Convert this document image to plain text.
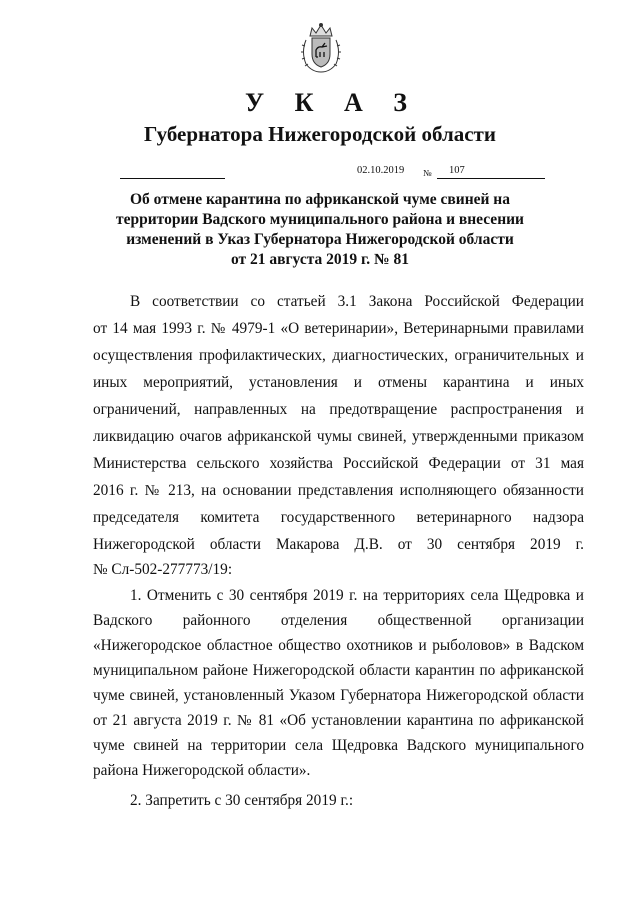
У К А З
Губернатора Нижегородской области
02.10.2019 № 107
Об отмене карантина по африканской чуме свиней на
территории Вадского муниципального района и внесении
изменений в Указ Губернатора Нижегородской области
от 21 августа 2019 г. № 81
В соответствии со статьей 3.1 Закона Российской Федерации
от 14 мая 1993 г. № 4979-1 «О ветеринарии», Ветеринарными правилами
осуществления профилактических, диагностических, ограничительных и
иных мероприятий, установления и отмены карантина и иных
ограничений, направленных на предотвращение распространения и
ликвидацию очагов африканской чумы свиней, утвержденными приказом
Министерства сельского хозяйства Российской Федерации от 31 мая
2016 г. № 213, на основании представления исполняющего обязанности
председателя комитета государственного ветеринарного надзора
Нижегородской области Макарова Д.В. от 30 сентября 2019 г.
№ Сл-502-277773/19:
1. Отменить с 30 сентября 2019 г. на территориях села Щедровка и
Вадского районного отделения общественной организации
«Нижегородское областное общество охотников и рыболовов» в Вадском
муниципальном районе Нижегородской области карантин по африканской
чуме свиней, установленный Указом Губернатора Нижегородской области
от 21 августа 2019 г. № 81 «Об установлении карантина по африканской
чуме свиней на территории села Щедровка Вадского муниципального
района Нижегородской области».
2. Запретить с 30 сентября 2019 г.:
